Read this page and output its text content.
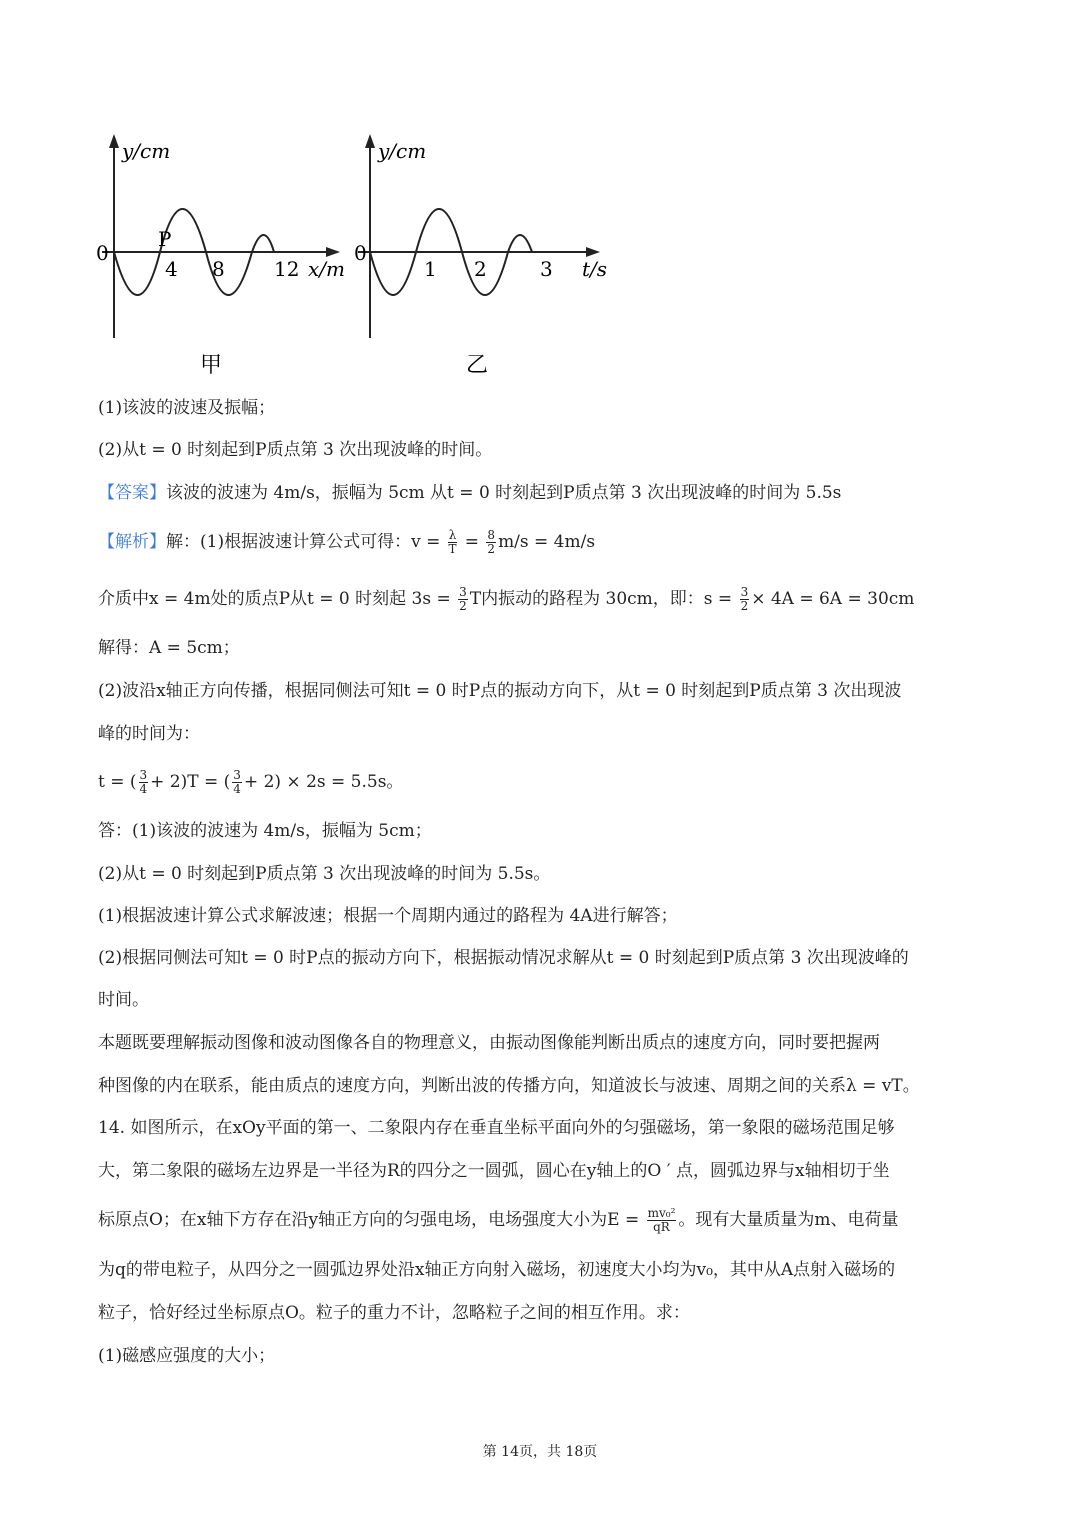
y/cm
0
P
4 8 12 x/m
甲
y/cm
0
1 2	3 t/s
乙
(1)该波的波速及振幅；
(2)从t = 0 时刻起到P质点第 3 次出现波峰的时间。
【答案】该波的波速为 4m/s，振幅为 5cm 从t = 0 时刻起到P质点第 3 次出现波峰的时间为 5.5s
【解析】解：(1)根据波速计算公式可得：$v = \frac{\lambda}{T} = \frac{8}{2} m/s = 4m/s$
介质中x = 4m处的质点P从t = 0 时刻起 $3s = \frac{3}{2}$ T内振动的路程为 30cm，即：$s = \frac{3}{2} \times 4A = 6A = 30cm$
解得：A = 5cm；
(2)波沿x轴正方向传播，根据同侧法可知t = 0 时P点的振动方向下，从t = 0 时刻起到P质点第 3 次出现波
峰的时间为：
t = ( $\frac{3}{4} + 2)T$ = ( $\frac{3}{4} + 2) \times 2s = 5.5s$。
答：(1)该波的波速为 4m/s，振幅为 5cm；
(2)从t = 0 时刻起到P质点第 3 次出现波峰的时间为 5.5s。
(1)根据波速计算公式求解波速；根据一个周期内通过的路程为 4A进行解答；
(2)根据同侧法可知t = 0 时P点的振动方向下，根据振动情况求解从t = 0 时刻起到P质点第 3 次出现波峰的
时间。
本题既要理解振动图像和波动图像各自的物理意义，由振动图像能判断出质点的速度方向，同时要把握两
种图像的内在联系，能由质点的速度方向，判断出波的传播方向，知道波长与波速、周期之间的关系λ = vT。
14. 如图所示，在xOy平面的第一、二象限内存在垂直坐标平面向外的匀强磁场，第一象限的磁场范围足够
大，第二象限的磁场左边界是一半径为R的四分之一圆弧，圆心在y轴上的O ′ 点，圆弧边界与x轴相切于坐
标原点O；在x轴下方存在沿y轴正方向的匀强电场，电场强度大小为$E = \frac{\text{mv₀²}}{qR}$ 。现有大量质量为m、电荷量
为q的带电粒子，从四分之一圆弧边界处沿x轴正方向射入磁场，初速度大小均为v₀，其中从A点射入磁场的
粒子，恰好经过坐标原点O。粒子的重力不计，忽略粒子之间的相互作用。求：
(1)磁感应强度的大小；
第 14页，共 18页
